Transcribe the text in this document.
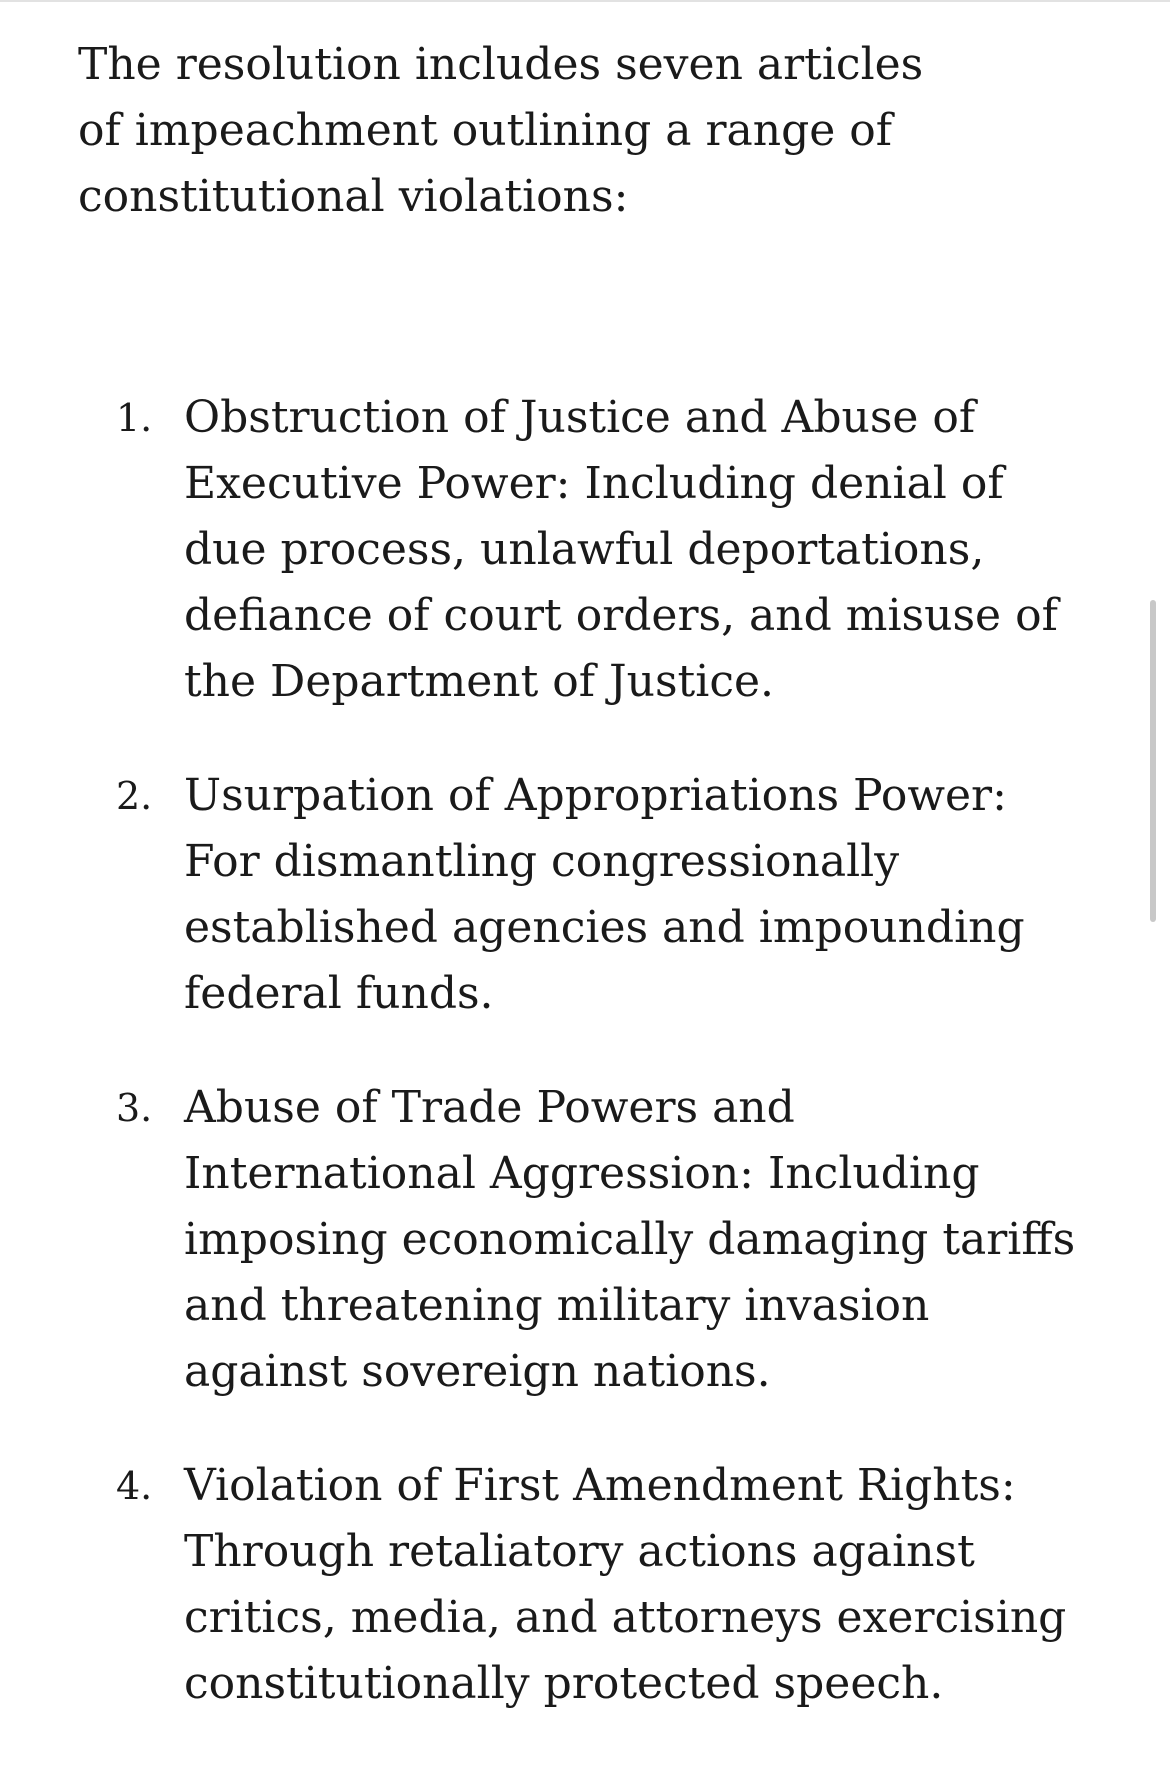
The resolution includes seven articles of impeachment outlining a range of constitutional violations:

1. Obstruction of Justice and Abuse of Executive Power: Including denial of due process, unlawful deportations, defiance of court orders, and misuse of the Department of Justice.
2. Usurpation of Appropriations Power: For dismantling congressionally established agencies and impounding federal funds.
3. Abuse of Trade Powers and International Aggression: Including imposing economically damaging tariffs and threatening military invasion against sovereign nations.
4. Violation of First Amendment Rights: Through retaliatory actions against critics, media, and attorneys exercising constitutionally protected speech.
